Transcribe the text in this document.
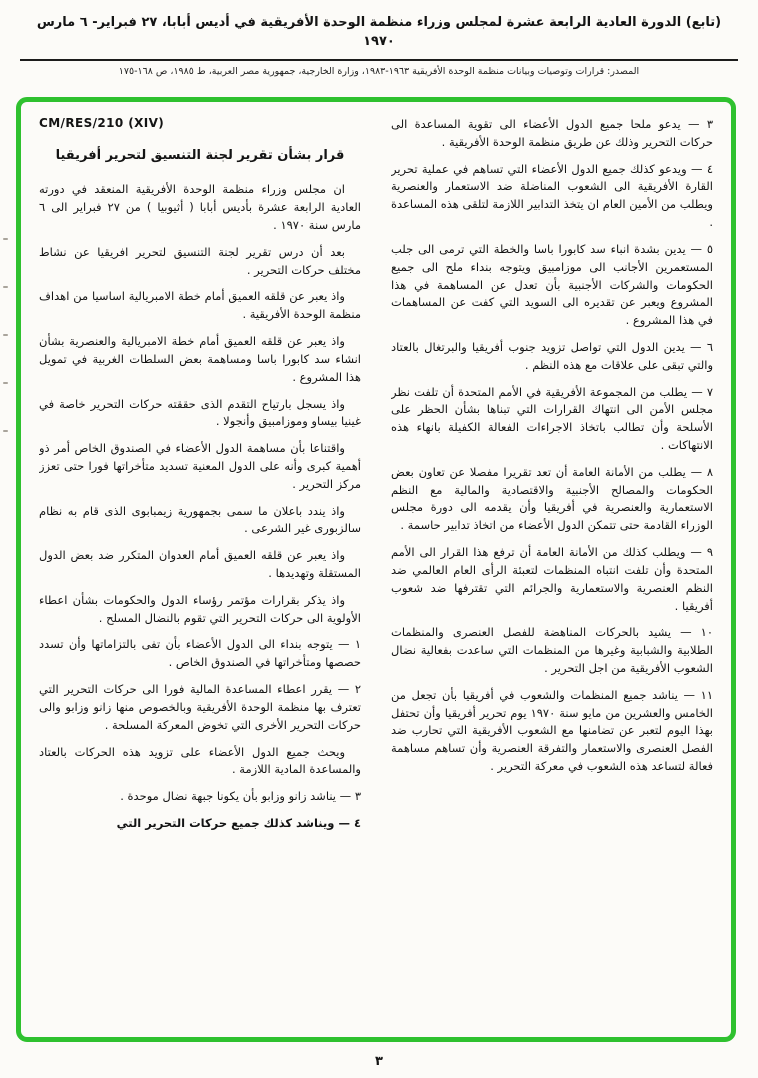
(تابع) الدورة العادية الرابعة عشرة لمجلس وزراء منظمة الوحدة الأفريقية في أديس أبابا، ٢٧ فبراير- ٦ مارس ١٩٧٠
المصدر: قرارات وتوصيات وبيانات منظمة الوحدة الأفريقية ١٩٦٣-١٩٨٣، وزارة الخارجية، جمهورية مصر العربية، ط ١٩٨٥، ص ١٦٨-١٧٥

٣ — يدعو ملحا جميع الدول الأعضاء الى تقوية المساعدة الى حركات التحرير وذلك عن طريق منظمة الوحدة الأفريقية .

٤ — ويدعو كذلك جميع الدول الأعضاء التي تساهم في عملية تحرير القارة الأفريقية الى الشعوب المناضلة ضد الاستعمار والعنصرية ويطلب من الأمين العام ان يتخذ التدابير اللازمة لتلقى هذه المساعدة .

٥ — يدين بشدة انباء سد كابورا باسا والخطة التي ترمى الى جلب المستعمرين الأجانب الى موزامبيق ويتوجه بنداء ملح الى جميع الحكومات والشركات الأجنبية بأن تعدل عن المساهمة في هذا المشروع ويعبر عن تقديره الى السويد التي كفت عن المساهمات في هذا المشروع .

٦ — يدين الدول التي تواصل تزويد جنوب أفريقيا والبرتغال بالعتاد والتي تبقى على علاقات مع هذه النظم .

٧ — يطلب من المجموعة الأفريقية في الأمم المتحدة أن تلفت نظر مجلس الأمن الى انتهاك القرارات التي تبناها بشأن الحظر على الأسلحة وأن تطالب باتخاذ الاجراءات الفعالة الكفيلة بانهاء هذه الانتهاكات .

٨ — يطلب من الأمانة العامة أن تعد تقريرا مفصلا عن تعاون بعض الحكومات والمصالح الأجنبية والاقتصادية والمالية مع النظم الاستعمارية والعنصرية في أفريقيا وأن يقدمه الى دورة مجلس الوزراء القادمة حتى تتمكن الدول الأعضاء من اتخاذ تدابير حاسمة .

٩ — ويطلب كذلك من الأمانة العامة أن ترفع هذا القرار الى الأمم المتحدة وأن تلفت انتباه المنظمات لتعبئة الرأى العام العالمي ضد النظم العنصرية والاستعمارية والجرائم التي تقترفها ضد شعوب أفريقيا .

١٠ — يشيد بالحركات المناهضة للفصل العنصرى والمنظمات الطلابية والشبابية وغيرها من المنظمات التي ساعدت بفعالية نضال الشعوب الأفريقية من اجل التحرير .

١١ — يناشد جميع المنظمات والشعوب في أفريقيا بأن تجعل من الخامس والعشرين من مايو سنة ١٩٧٠ يوم تحرير أفريقيا وأن تحتفل بهذا اليوم لتعبر عن تضامنها مع الشعوب الأفريقية التي تحارب ضد الفصل العنصرى والاستعمار والتفرقة العنصرية وأن تساهم مساهمة فعالة لتساعد هذه الشعوب في معركة التحرير .

CM/RES/210 (XIV)
قرار بشأن تقرير لجنة التنسيق لتحرير أفريقيا

ان مجلس وزراء منظمة الوحدة الأفريقية المنعقد في دورته العادية الرابعة عشرة بأديس أبابا ( أثيوبيا ) من ٢٧ فبراير الى ٦ مارس سنة ١٩٧٠ .

بعد أن درس تقرير لجنة التنسيق لتحرير افريقيا عن نشاط مختلف حركات التحرير .

واذ يعبر عن قلقه العميق أمام خطة الامبريالية اساسيا من اهداف منظمة الوحدة الأفريقية .

واذ يعبر عن قلقه العميق أمام خطة الامبريالية والعنصرية بشأن انشاء سد كابورا باسا ومساهمة بعض السلطات الغربية في تمويل هذا المشروع .

واذ يسجل بارتياح التقدم الذى حققته حركات التحرير خاصة في غينيا بيساو وموزامبيق وأنجولا .

واقتناعا بأن مساهمة الدول الأعضاء في الصندوق الخاص أمر ذو أهمية كبرى وأنه على الدول المعنية تسديد متأخراتها فورا حتى تعزز مركز التحرير .

واذ يندد باعلان ما سمى بجمهورية زيمبابوى الذى قام به نظام سالزبورى غير الشرعى .

واذ يعبر عن قلقه العميق أمام العدوان المتكرر ضد بعض الدول المستقلة وتهديدها .

واذ يذكر بقرارات مؤتمر رؤساء الدول والحكومات بشأن اعطاء الأولوية الى حركات التحرير التي تقوم بالنضال المسلح .

١ — يتوجه بنداء الى الدول الأعضاء بأن تفى بالتزاماتها وأن تسدد حصصها ومتأخراتها في الصندوق الخاص .

٢ — يقرر اعطاء المساعدة المالية فورا الى حركات التحرير التي تعترف بها منظمة الوحدة الأفريقية وبالخصوص منها زانو وزابو والى حركات التحرير الأخرى التي تخوض المعركة المسلحة .

ويحث جميع الدول الأعضاء على تزويد هذه الحركات بالعتاد والمساعدة المادية اللازمة .

٣ — يناشد زانو وزابو بأن يكونا جبهة نضال موحدة .

٤ — ويناشد كذلك جميع حركات التحرير التي

٣
